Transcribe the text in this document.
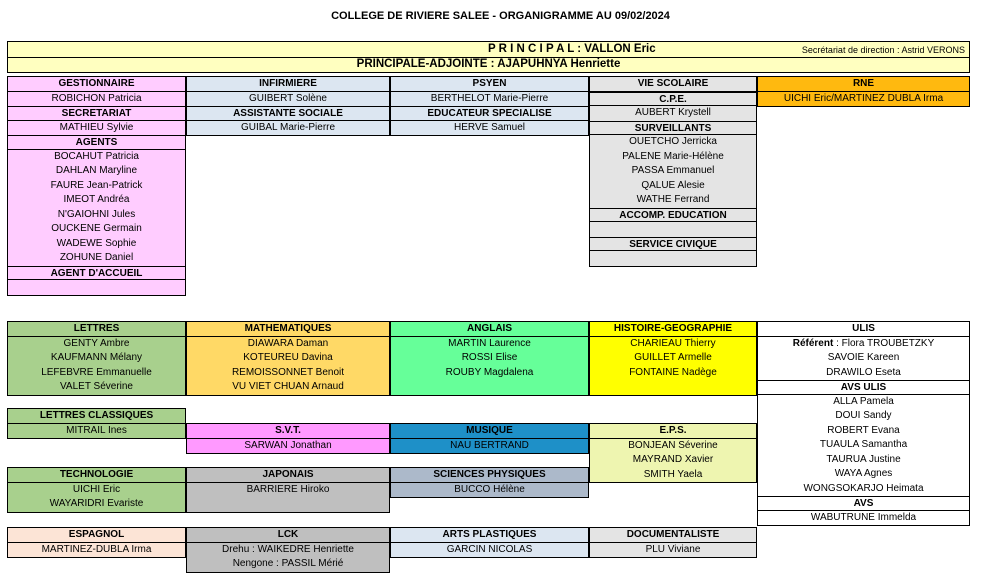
COLLEGE DE RIVIERE SALEE - ORGANIGRAMME AU 09/02/2024
P R I N C I P A L : VALLON Eric	Secrétariat de direction : Astrid VERONS
PRINCIPALE-ADJOINTE : AJAPUHNYA Henriette
GESTIONNAIRE
ROBICHON Patricia
SECRETARIAT
MATHIEU Sylvie
AGENTS
BOCAHUT Patricia
DAHLAN Maryline
FAURE Jean-Patrick
IMEOT Andréa
N'GAIOHNI Jules
OUCKENE Germain
WADEWE Sophie
ZOHUNE Daniel
AGENT D'ACCUEIL
INFIRMIERE
GUIBERT Solène
ASSISTANTE SOCIALE
GUIBAL Marie-Pierre
PSYEN
BERTHELOT Marie-Pierre
EDUCATEUR SPECIALISE
HERVE Samuel
VIE SCOLAIRE
C.P.E.
AUBERT Krystell
SURVEILLANTS
OUETCHO Jerricka
PALENE Marie-Hélène
PASSA Emmanuel
QALUE Alesie
WATHE Ferrand
ACCOMP. EDUCATION
SERVICE CIVIQUE
RNE
UICHI Eric/MARTINEZ DUBLA Irma
LETTRES
GENTY Ambre
KAUFMANN Mélany
LEFEBVRE Emmanuelle
VALET Séverine
MATHEMATIQUES
DIAWARA Daman
KOTEUREU Davina
REMOISSONNET Benoit
VU VIET CHUAN Arnaud
ANGLAIS
MARTIN Laurence
ROSSI Elise
ROUBY Magdalena
HISTOIRE-GEOGRAPHIE
CHARIEAU Thierry
GUILLET Armelle
FONTAINE Nadège
ULIS
Référent : Flora TROUBETZKY
SAVOIE Kareen
DRAWILO Eseta
AVS ULIS
ALLA Pamela
DOUI Sandy
ROBERT Evana
TUAULA Samantha
TAURUA Justine
WAYA Agnes
WONGSOKARJO Heimata
AVS
WABUTRUNE Immelda
LETTRES CLASSIQUES
MITRAIL Ines	S.V.T.
SARWAN Jonathan
MUSIQUE
NAU BERTRAND
E.P.S.
BONJEAN Séverine
MAYRAND Xavier
SMITH Yaela
TECHNOLOGIE
UICHI Eric
WAYARIDRI Evariste
JAPONAIS
BARRIERE Hiroko
SCIENCES PHYSIQUES
BUCCO Hélène
ESPAGNOL
MARTINEZ-DUBLA Irma
LCK
Drehu : WAIKEDRE Henriette
Nengone : PASSIL Mérié
ARTS PLASTIQUES
GARCIN NICOLAS
DOCUMENTALISTE
PLU Viviane
